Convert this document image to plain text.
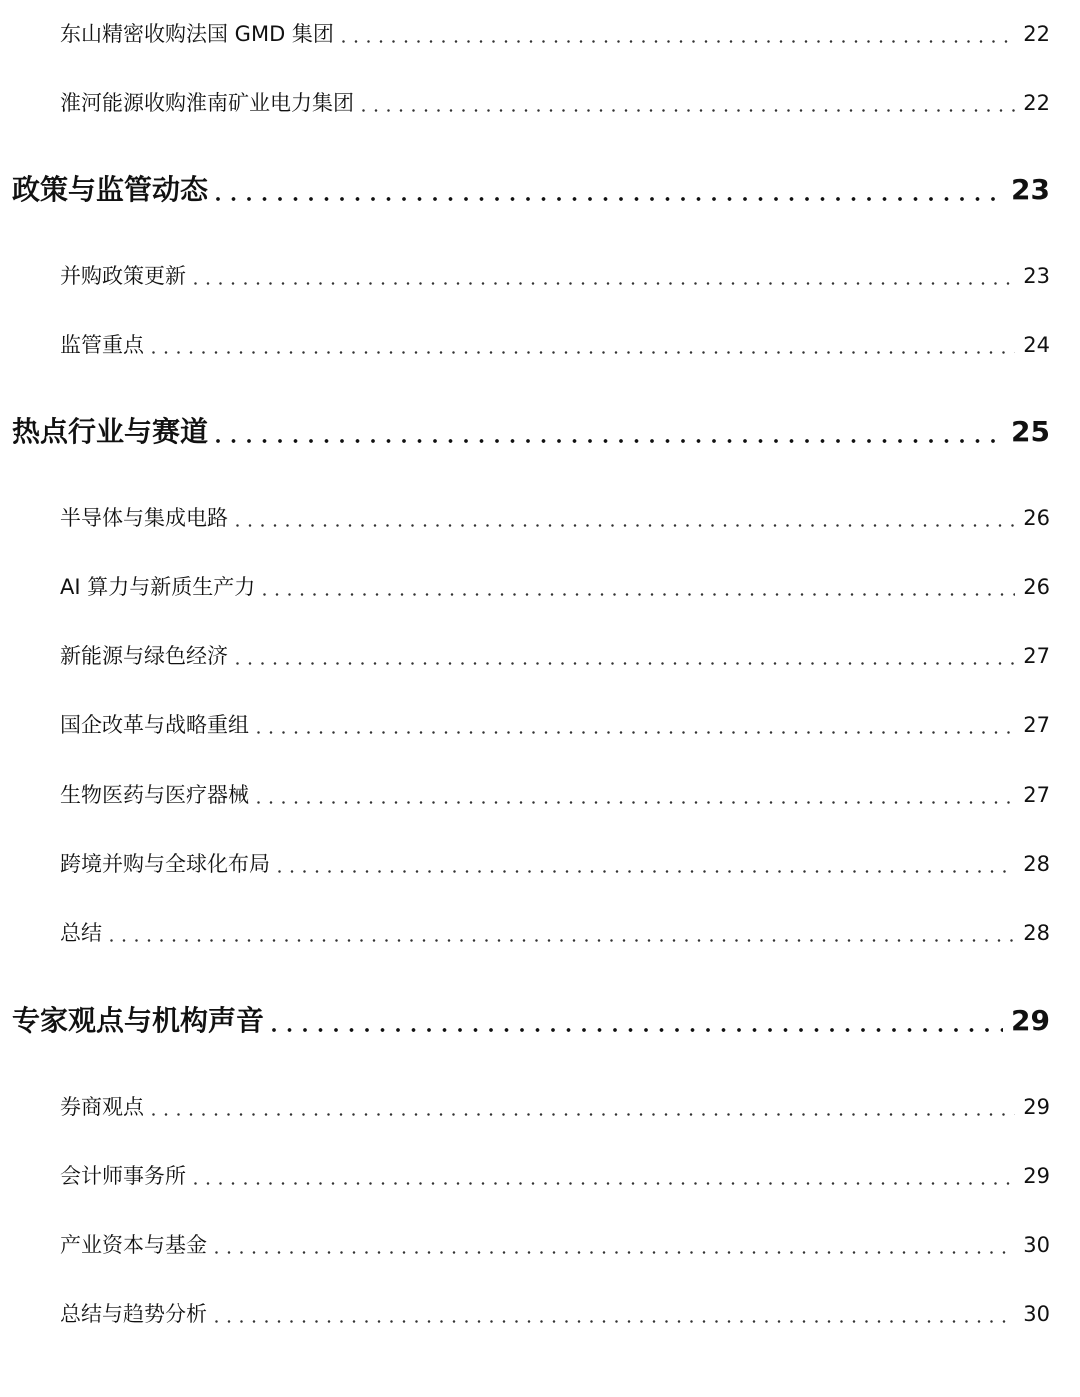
东山精密收购法国 GMD 集团	22
淮河能源收购淮南矿业电力集团	22
政策与监管动态	23
并购政策更新	23
监管重点	24
热点行业与赛道	25
半导体与集成电路	26
AI 算力与新质生产力	26
新能源与绿色经济	27
国企改革与战略重组	27
生物医药与医疗器械	27
跨境并购与全球化布局	28
总结	28
专家观点与机构声音	29
券商观点	29
会计师事务所	29
产业资本与基金	30
总结与趋势分析	30
